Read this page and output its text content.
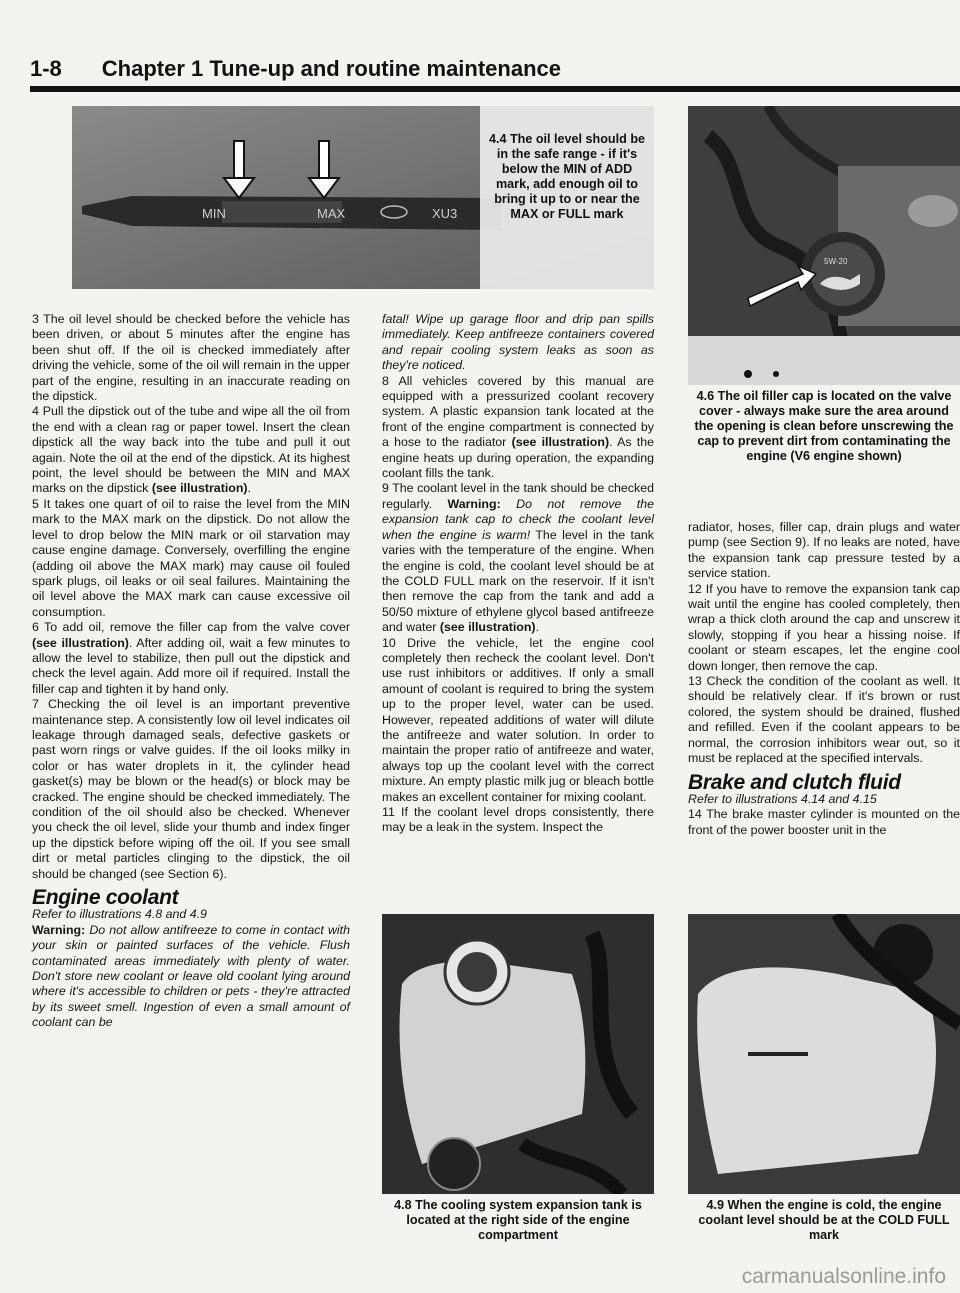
1-8 Chapter 1 Tune-up and routine maintenance
MIN	MAX	XU3
4.4 The oil level should be in the safe range - if it's below the MIN of ADD mark, add enough oil to bring it up to or near the MAX or FULL mark
5W-20
4.6 The oil filler cap is located on the valve cover - always make sure the area around the opening is clean before unscrewing the cap to prevent dirt from contaminating the engine (V6 engine shown)

3 The oil level should be checked before the vehicle has been driven, or about 5 minutes after the engine has been shut off. If the oil is checked immediately after driving the vehicle, some of the oil will remain in the upper part of the engine, resulting in an inaccurate reading on the dipstick.

4 Pull the dipstick out of the tube and wipe all the oil from the end with a clean rag or paper towel. Insert the clean dipstick all the way back into the tube and pull it out again. Note the oil at the end of the dipstick. At its highest point, the level should be between the MIN and MAX marks on the dipstick (see illustration).

5 It takes one quart of oil to raise the level from the MIN mark to the MAX mark on the dipstick. Do not allow the level to drop below the MIN mark or oil starvation may cause engine damage. Conversely, overfilling the engine (adding oil above the MAX mark) may cause oil fouled spark plugs, oil leaks or oil seal failures. Maintaining the oil level above the MAX mark can cause excessive oil consumption.

6 To add oil, remove the filler cap from the valve cover (see illustration). After adding oil, wait a few minutes to allow the level to stabilize, then pull out the dipstick and check the level again. Add more oil if required. Install the filler cap and tighten it by hand only.

7 Checking the oil level is an important preventive maintenance step. A consistently low oil level indicates oil leakage through damaged seals, defective gaskets or past worn rings or valve guides. If the oil looks milky in color or has water droplets in it, the cylinder head gasket(s) may be blown or the head(s) or block may be cracked. The engine should be checked immediately. The condition of the oil should also be checked. Whenever you check the oil level, slide your thumb and index finger up the dipstick before wiping off the oil. If you see small dirt or metal particles clinging to the dipstick, the oil should be changed (see Section 6).

Engine coolant

Refer to illustrations 4.8 and 4.9

Warning: Do not allow antifreeze to come in contact with your skin or painted surfaces of the vehicle. Flush contaminated areas immediately with plenty of water. Don't store new coolant or leave old coolant lying around where it's accessible to children or pets - they're attracted by its sweet smell. Ingestion of even a small amount of coolant can be

fatal! Wipe up garage floor and drip pan spills immediately. Keep antifreeze containers covered and repair cooling system leaks as soon as they're noticed.

8 All vehicles covered by this manual are equipped with a pressurized coolant recovery system. A plastic expansion tank located at the front of the engine compartment is connected by a hose to the radiator (see illustration). As the engine heats up during operation, the expanding coolant fills the tank.

9 The coolant level in the tank should be checked regularly. Warning: Do not remove the expansion tank cap to check the coolant level when the engine is warm! The level in the tank varies with the temperature of the engine. When the engine is cold, the coolant level should be at the COLD FULL mark on the reservoir. If it isn't then remove the cap from the tank and add a 50/50 mixture of ethylene glycol based antifreeze and water (see illustration).

10 Drive the vehicle, let the engine cool completely then recheck the coolant level. Don't use rust inhibitors or additives. If only a small amount of coolant is required to bring the system up to the proper level, water can be used. However, repeated additions of water will dilute the antifreeze and water solution. In order to maintain the proper ratio of antifreeze and water, always top up the coolant level with the correct mixture. An empty plastic milk jug or bleach bottle makes an excellent container for mixing coolant.

11 If the coolant level drops consistently, there may be a leak in the system. Inspect the

radiator, hoses, filler cap, drain plugs and water pump (see Section 9). If no leaks are noted, have the expansion tank cap pressure tested by a service station.

12 If you have to remove the expansion tank cap wait until the engine has cooled completely, then wrap a thick cloth around the cap and unscrew it slowly, stopping if you hear a hissing noise. If coolant or steam escapes, let the engine cool down longer, then remove the cap.

13 Check the condition of the coolant as well. It should be relatively clear. If it's brown or rust colored, the system should be drained, flushed and refilled. Even if the coolant appears to be normal, the corrosion inhibitors wear out, so it must be replaced at the specified intervals.

Brake and clutch fluid

Refer to illustrations 4.14 and 4.15

14 The brake master cylinder is mounted on the front of the power booster unit in the

4.8 The cooling system expansion tank is located at the right side of the engine compartment
4.9 When the engine is cold, the engine coolant level should be at the COLD FULL mark
carmanualsonline.info
